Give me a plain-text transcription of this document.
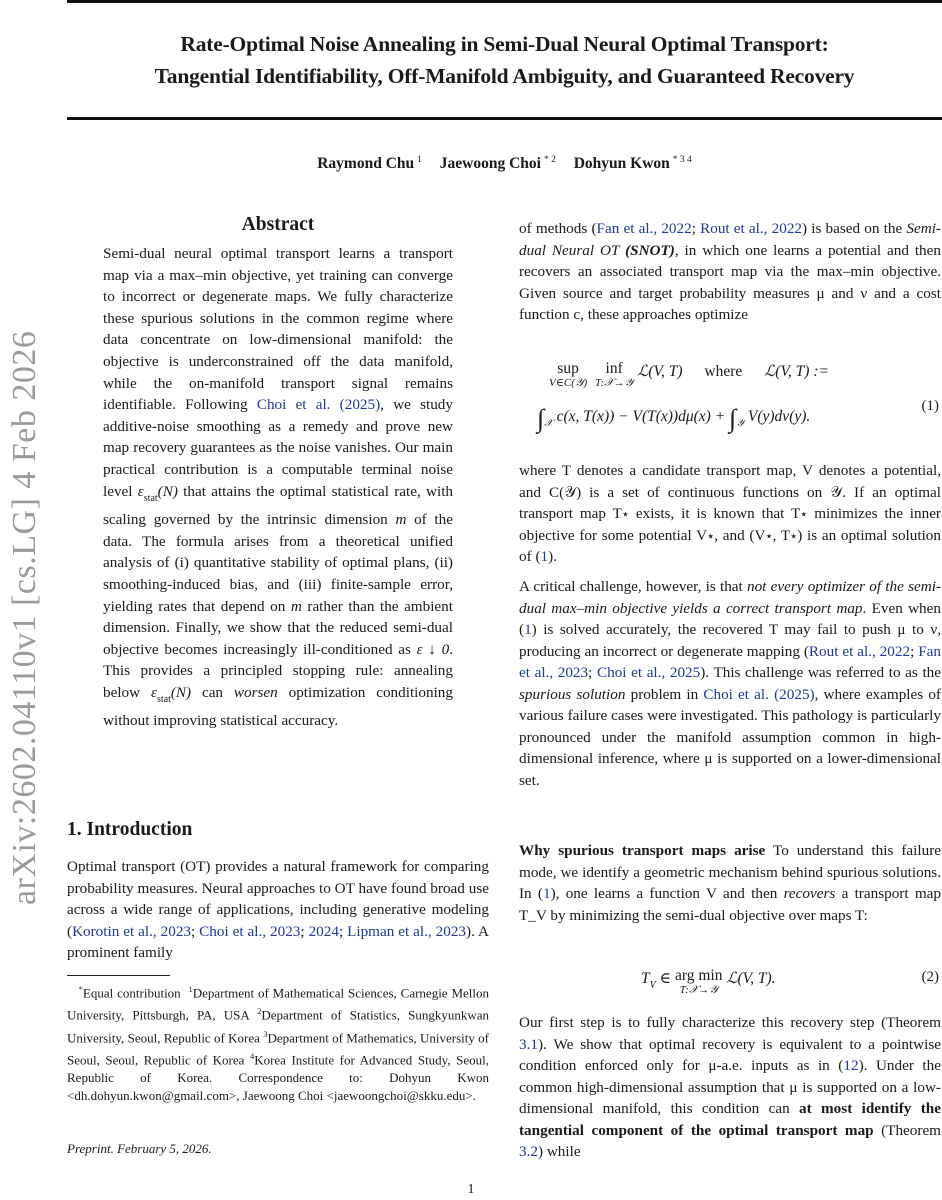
Rate-Optimal Noise Annealing in Semi-Dual Neural Optimal Transport:
Tangential Identifiability, Off-Manifold Ambiguity, and Guaranteed Recovery
Raymond Chu $^1$ Jaewoong Choi $^{* 2}$ Dohyun Kwon $^{* 3 4}$
arXiv:2602.04110v1 [cs.LG] 4 Feb 2026
Abstract
Semi-dual neural optimal transport learns a transport map via a max–min objective, yet training can converge to incorrect or degenerate maps. We fully characterize these spurious solutions in the common regime where data concentrate on low-dimensional manifold: the objective is underconstrained off the data manifold, while the on-manifold transport signal remains identifiable. Following Choi et al. (2025), we study additive-noise smoothing as a remedy and prove new map recovery guarantees as the noise vanishes. Our main practical contribution is a computable terminal noise level $\varepsilon_{stat}(N)$ that attains the optimal statistical rate, with scaling governed by the intrinsic dimension m of the data. The formula arises from a theoretical unified analysis of (i) quantitative stability of optimal plans, (ii) smoothing-induced bias, and (iii) finite-sample error, yielding rates that depend on m rather than the ambient dimension. Finally, we show that the reduced semi-dual objective becomes increasingly ill-conditioned as ε ↓ 0. This provides a principled stopping rule: annealing below $\varepsilon_{stat}(N)$ can worsen optimization conditioning without improving statistical accuracy.
1. Introduction
Optimal transport (OT) provides a natural framework for comparing probability measures. Neural approaches to OT have found broad use across a wide range of applications, including generative modeling (Korotin et al., 2023; Choi et al., 2023; 2024; Lipman et al., 2023). A prominent family
*Equal contribution $^1$Department of Mathematical Sciences, Carnegie Mellon University, Pittsburgh, PA, USA $^2$Department of Statistics, Sungkyunkwan University, Seoul, Republic of Korea $^3$Department of Mathematics, University of Seoul, Seoul, Republic of Korea $^4$Korea Institute for Advanced Study, Seoul, Republic of Korea. Correspondence to: Dohyun Kwon <dh.dohyun.kwon@gmail.com>, Jaewoong Choi <jaewoongchoi@skku.edu>.
Preprint. February 5, 2026.
1
of methods (Fan et al., 2022; Rout et al., 2022) is based on the Semi-dual Neural OT (SNOT), in which one learns a potential and then recovers an associated transport map via the max–min objective. Given source and target probability measures μ and ν and a cost function c, these approaches optimize
sup
V∈C(𝒴)
inf
T:𝒳→𝒴
ℒ(V, T) where ℒ(V, T) :=
$\int_𝒳$ c(x, $T(x)) - V(T(x))d\mu(x) + \int_𝒴$ V(y)dν(y).
(1)
where T denotes a candidate transport map, V denotes a potential, and C(𝒴) is a set of continuous functions on 𝒴. If an optimal transport map T⋆ exists, it is known that T⋆ minimizes the inner objective for some potential V⋆, and (V⋆, T⋆) is an optimal solution of (1).
A critical challenge, however, is that not every optimizer of the semi-dual max–min objective yields a correct transport map. Even when (1) is solved accurately, the recovered T may fail to push μ to ν, producing an incorrect or degenerate mapping (Rout et al., 2022; Fan et al., 2023; Choi et al., 2025). This challenge was referred to as the spurious solution problem in Choi et al. (2025), where examples of various failure cases were investigated. This pathology is particularly pronounced under the manifold assumption common in high-dimensional inference, where μ is supported on a lower-dimensional set.
Why spurious transport maps arise To understand this failure mode, we identify a geometric mechanism behind spurious solutions. In (1), one learns a function V and then recovers a transport map T_V by minimizing the semi-dual objective over maps T:
$T_V$ ∈ arg min
T:𝒳→𝒴
ℒ(V, T).	(2)
Our first step is to fully characterize this recovery step (Theorem 3.1). We show that optimal recovery is equivalent to a pointwise condition enforced only for μ-a.e. inputs as in (12). Under the common high-dimensional assumption that μ is supported on a low-dimensional manifold, this condition can at most identify the tangential component of the optimal transport map (Theorem 3.2) while
